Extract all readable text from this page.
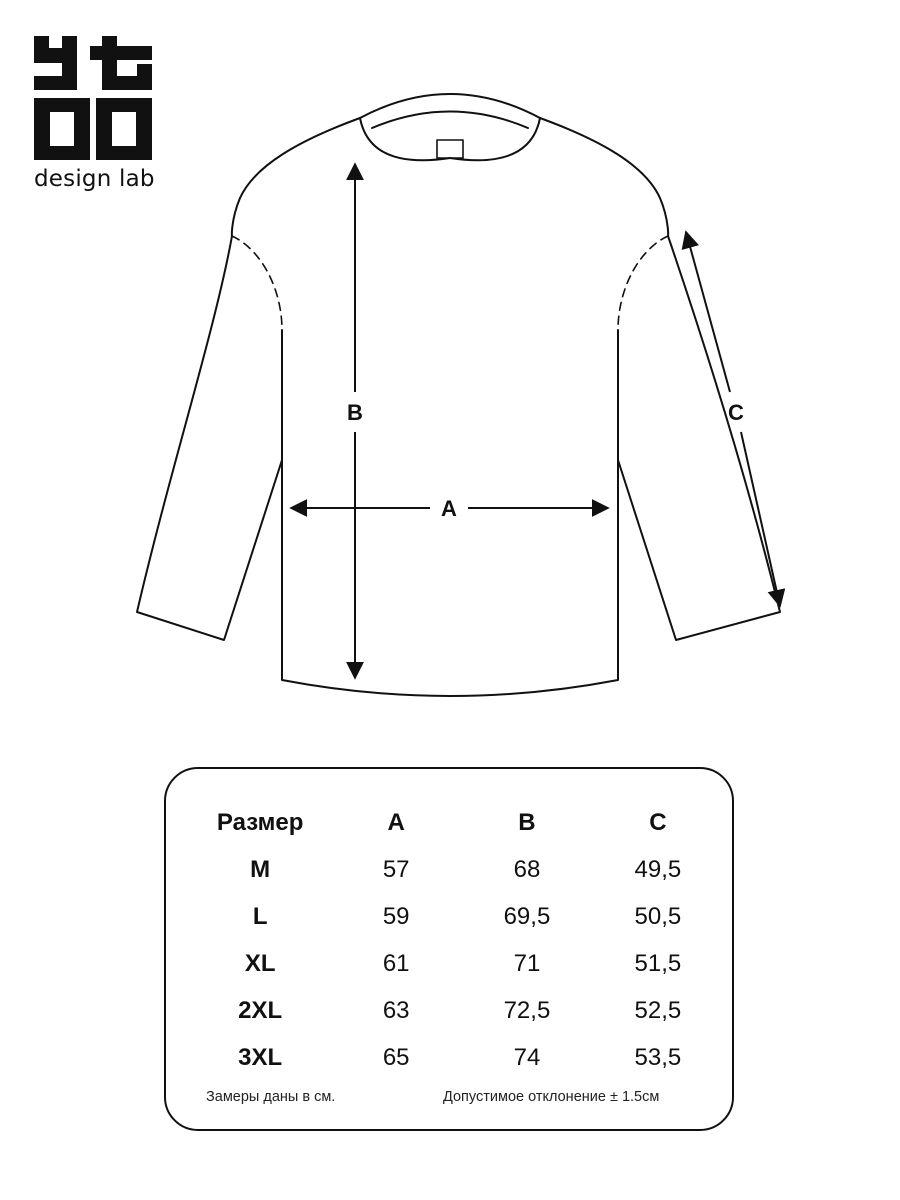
design lab
B
A
C
Размер	A	B	C
M	57	68	49,5
L	59	69,5	50,5
XL	61	71	51,5
2XL	63	72,5	52,5
3XL	65	74	53,5
Замеры даны в см.	Допустимое отклонение ± 1.5см
